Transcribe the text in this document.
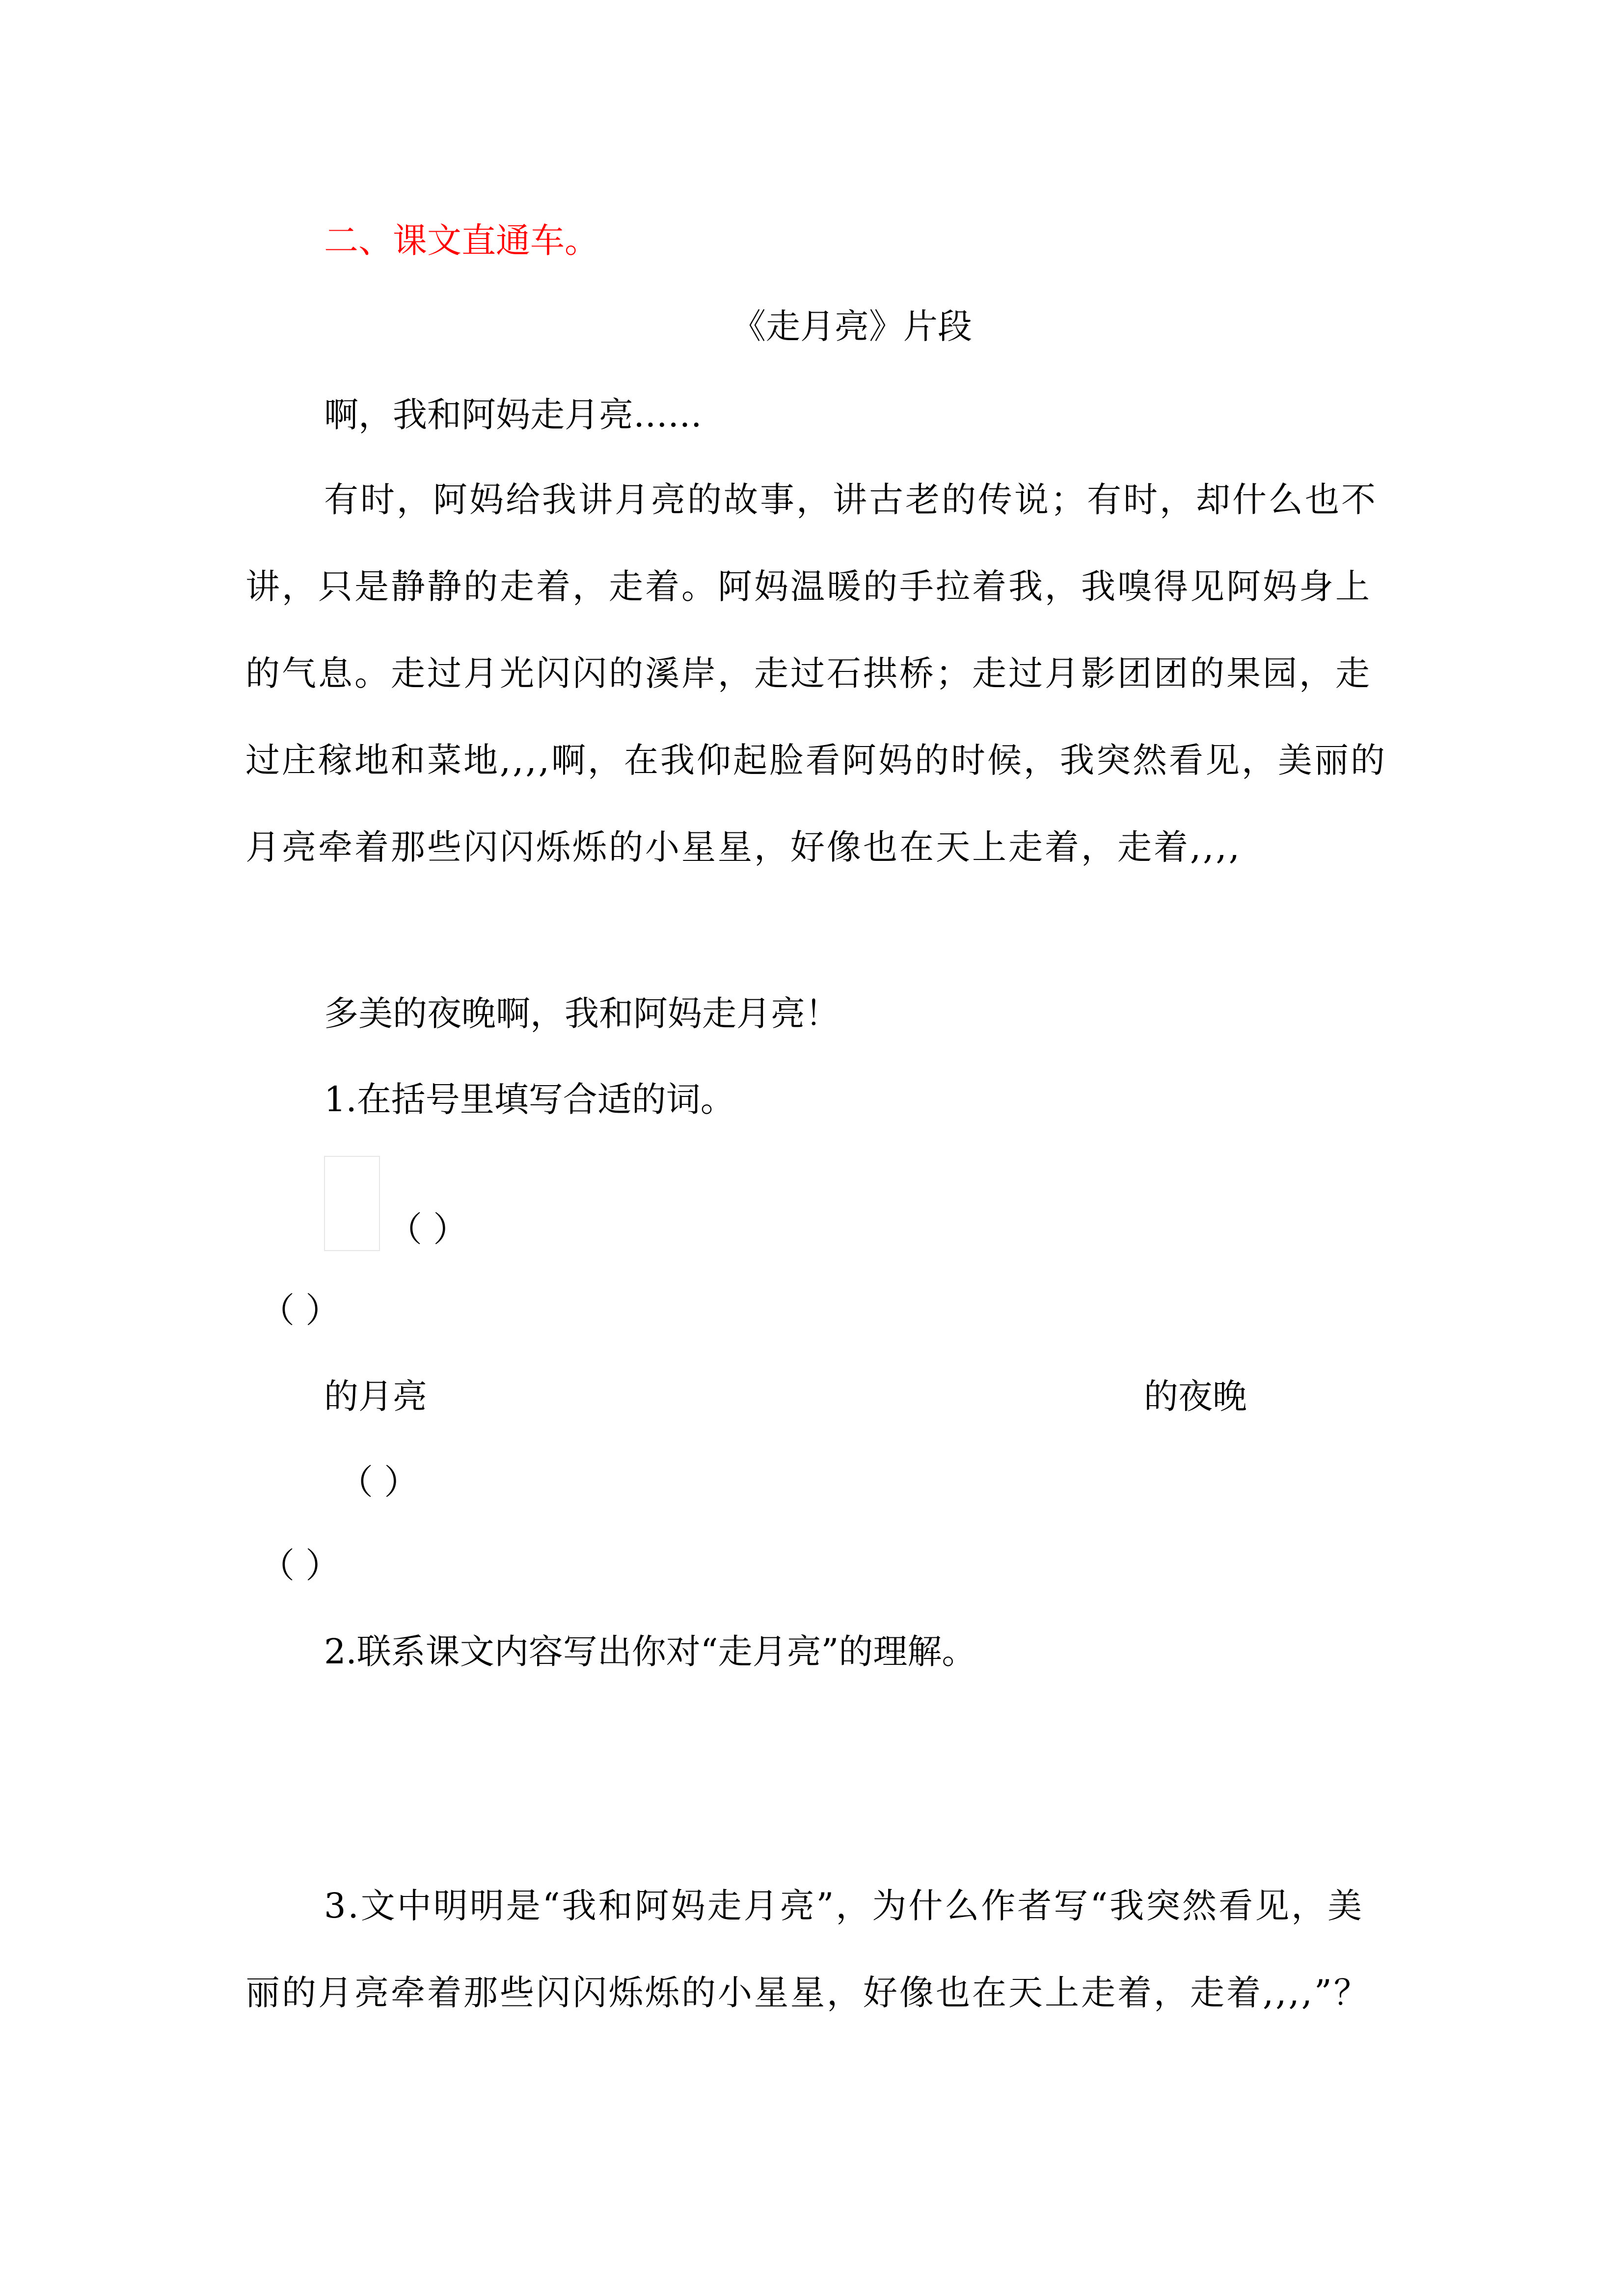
二、课文直通车。
《走月亮》片段
啊，我和阿妈走月亮……
有时，阿妈给我讲月亮的故事，讲古老的传说；有时，却什么也不讲，只是静静的走着，走着。阿妈温暖的手拉着我，我嗅得见阿妈身上的气息。走过月光闪闪的溪岸，走过石拱桥；走过月影团团的果园，走过庄稼地和菜地,,,,啊，在我仰起脸看阿妈的时候，我突然看见，美丽的月亮牵着那些闪闪烁烁的小星星，好像也在天上走着，走着,,,,
多美的夜晚啊，我和阿妈走月亮！
1.在括号里填写合适的词。
（ ）
（ ）
的月亮	的夜晚
（ ）
（ ）
2.联系课文内容写出你对“走月亮”的理解。
3.文中明明是“我和阿妈走月亮”，为什么作者写“我突然看见，美丽的月亮牵着那些闪闪烁烁的小星星，好像也在天上走着，走着,,,,”？
